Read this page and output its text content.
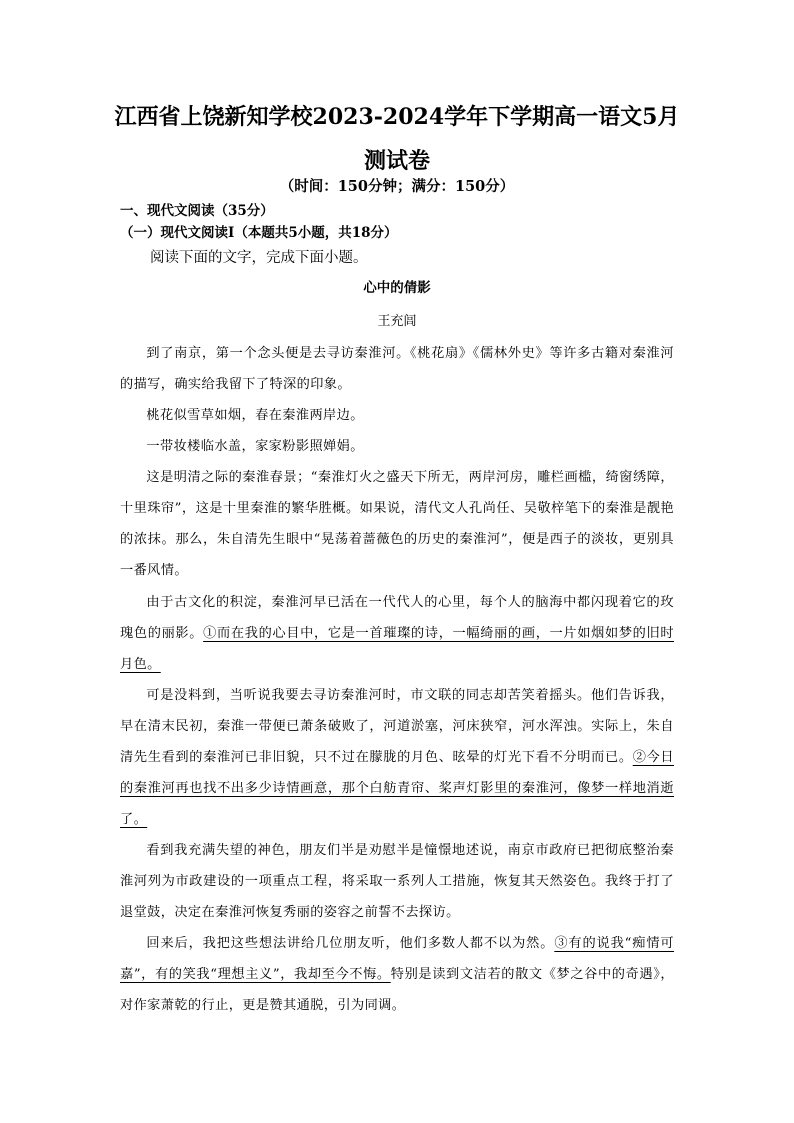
江西省上饶新知学校2023-2024学年下学期高一语文5月
测试卷
（时间：150分钟；满分：150分）
一、现代文阅读（35分）
（一）现代文阅读Ⅰ（本题共5小题，共18分）
阅读下面的文字，完成下面小题。
心中的倩影
王充闾

到了南京，第一个念头便是去寻访秦淮河。《桃花扇》《儒林外史》等许多古籍对秦淮河的描写，确实给我留下了特深的印象。

桃花似雪草如烟，春在秦淮两岸边。

一带妆楼临水盖，家家粉影照婵娟。

这是明清之际的秦淮春景；“秦淮灯火之盛天下所无，两岸河房，雕栏画槛，绮窗绣障，十里珠帘”，这是十里秦淮的繁华胜概。如果说，清代文人孔尚任、吴敬梓笔下的秦淮是靓艳的浓抹。那么，朱自清先生眼中“晃荡着蔷薇色的历史的秦淮河”，便是西子的淡妆，更别具一番风情。

由于古文化的积淀，秦淮河早已活在一代代人的心里，每个人的脑海中都闪现着它的玫瑰色的丽影。①而在我的心目中，它是一首璀璨的诗，一幅绮丽的画，一片如烟如梦的旧时月色。

可是没料到，当听说我要去寻访秦淮河时，市文联的同志却苦笑着摇头。他们告诉我，早在清末民初，秦淮一带便已萧条破败了，河道淤塞，河床狭窄，河水浑浊。实际上，朱自清先生看到的秦淮河已非旧貌，只不过在朦胧的月色、昡晕的灯光下看不分明而已。②今日的秦淮河再也找不出多少诗情画意，那个白舫青帘、桨声灯影里的秦淮河，像梦一样地消逝了。

看到我充满失望的神色，朋友们半是劝慰半是憧憬地述说，南京市政府已把彻底整治秦淮河列为市政建设的一项重点工程，将采取一系列人工措施，恢复其天然姿色。我终于打了退堂鼓，决定在秦淮河恢复秀丽的姿容之前誓不去探访。

回来后，我把这些想法讲给几位朋友听，他们多数人都不以为然。③有的说我“痴情可嘉”，有的笑我“理想主义”，我却至今不悔。特别是读到文洁若的散文《梦之谷中的奇遇》，对作家萧乾的行止，更是赞其通脱，引为同调。
